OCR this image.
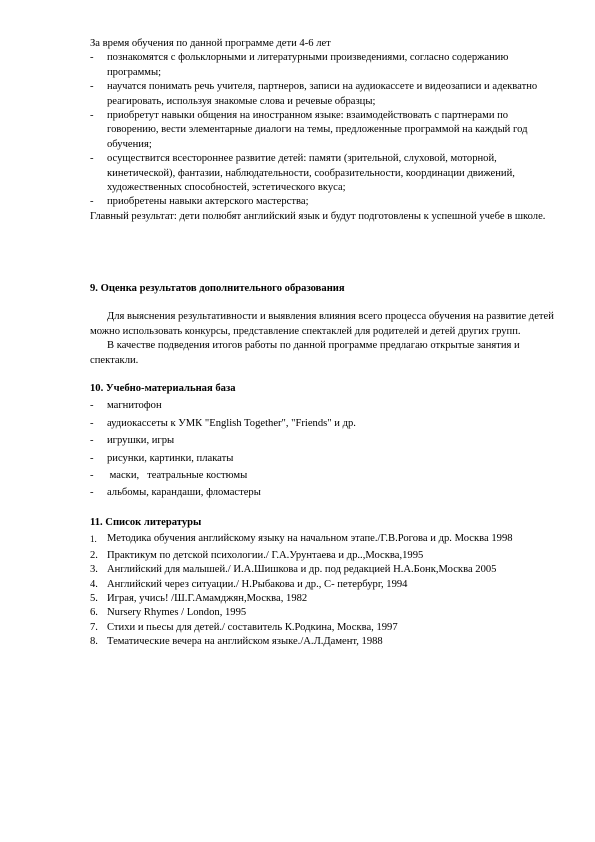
За время обучения по данной программе дети 4-6 лет

- познакомятся с фольклорными и литературными произведениями, согласно содержанию программы;
- научатся понимать речь учителя, партнеров, записи на аудиокассете и видеозаписи и адекватно реагировать, используя знакомые слова и речевые образцы;
- приобретут навыки общения на иностранном языке: взаимодействовать с партнерами по говорению, вести элементарные диалоги на темы, предложенные программой на каждый год обучения;
- осуществится всестороннее развитие детей: памяти (зрительной, слуховой, моторной, кинетической), фантазии, наблюдательности, сообразительности, координации движений, художественных способностей, эстетического вкуса;
- приобретены навыки актерского мастерства;

Главный результат: дети полюбят английский язык и будут подготовлены к успешной учебе в школе.

9. Оценка результатов дополнительного образования

Для выяснения результативности и выявления влияния всего процесса обучения на развитие детей можно использовать конкурсы, представление спектаклей для родителей и детей других групп.

В качестве подведения итогов работы по данной программе предлагаю открытые занятия и спектакли.

10. Учебно-материальная база

- магнитофон
- аудиокассеты к УМК "English Together", "Friends" и др.
- игрушки, игры
- рисунки, картинки, плакаты
- маски,   театральные костюмы
- альбомы, карандаши, фломастеры

11. Список литературы

1. Методика обучения английскому языку на начальном этапе./Г.В.Рогова и др. Москва 1998
2. Практикум по детской психологии./ Г.А.Урунтаева и др..,Москва,1995
3. Английский для малышей./ И.А.Шишкова и др. под редакцией Н.А.Бонк,Москва 2005
4. Английский через ситуации./ Н.Рыбакова и др., С- петербург, 1994
5. Играя, учись! /Ш.Г.Амамджян,Москва, 1982
6. Nursery Rhymes / London, 1995
7. Стихи и пьесы для детей./ составитель К.Родкина, Москва, 1997
8. Тематические вечера на английском языке./А.Л.Дамент, 1988
